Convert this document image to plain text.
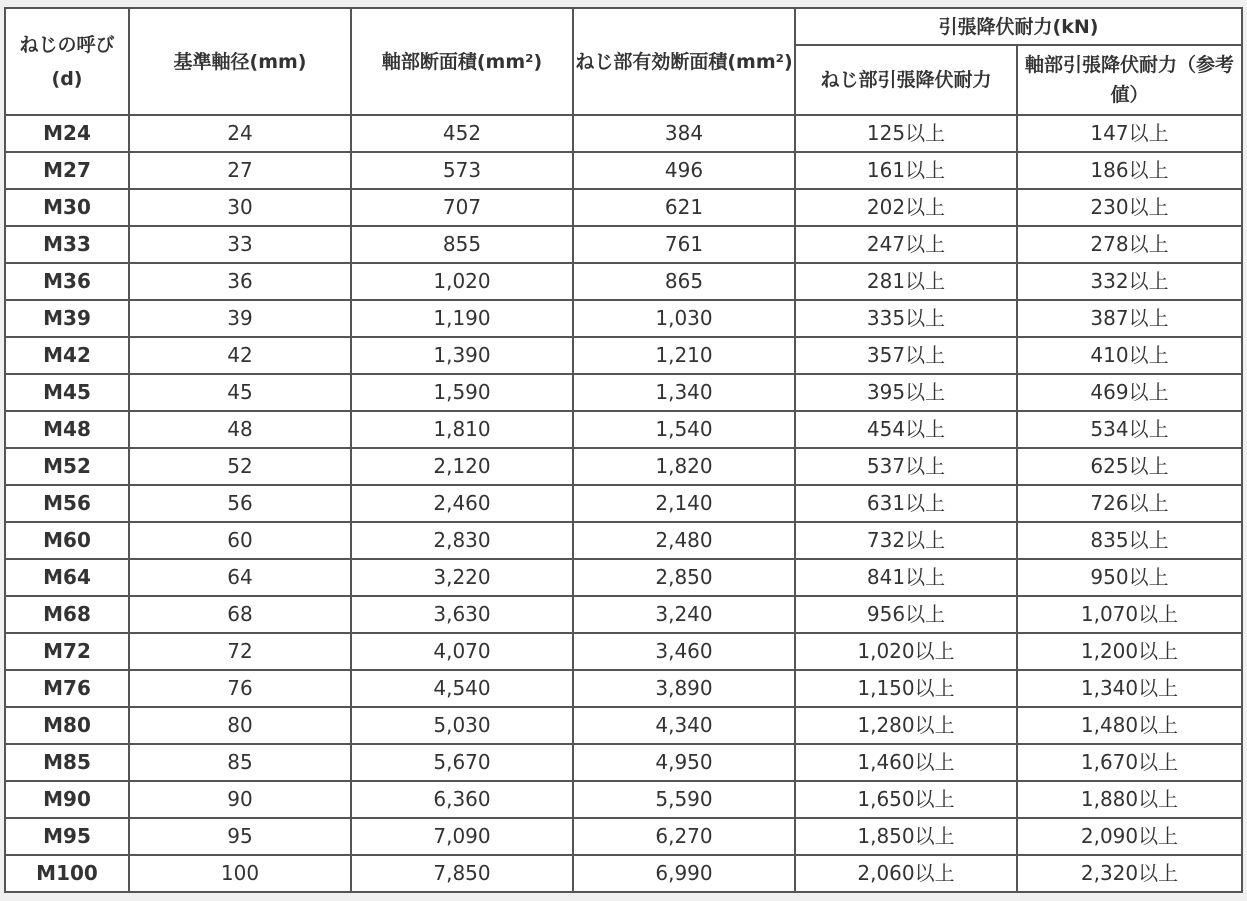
ねじの呼び(d)	基準軸径(mm)	軸部断面積(mm²)	ねじ部有効断面積(mm²)	引張降伏耐力(kN)	
				ねじ部引張降伏耐力	軸部引張降伏耐力（参考値）
M24	24	452	384	125以上	147以上
M27	27	573	496	161以上	186以上
M30	30	707	621	202以上	230以上
M33	33	855	761	247以上	278以上
M36	36	1,020	865	281以上	332以上
M39	39	1,190	1,030	335以上	387以上
M42	42	1,390	1,210	357以上	410以上
M45	45	1,590	1,340	395以上	469以上
M48	48	1,810	1,540	454以上	534以上
M52	52	2,120	1,820	537以上	625以上
M56	56	2,460	2,140	631以上	726以上
M60	60	2,830	2,480	732以上	835以上
M64	64	3,220	2,850	841以上	950以上
M68	68	3,630	3,240	956以上	1,070以上
M72	72	4,070	3,460	1,020以上	1,200以上
M76	76	4,540	3,890	1,150以上	1,340以上
M80	80	5,030	4,340	1,280以上	1,480以上
M85	85	5,670	4,950	1,460以上	1,670以上
M90	90	6,360	5,590	1,650以上	1,880以上
M95	95	7,090	6,270	1,850以上	2,090以上
M100	100	7,850	6,990	2,060以上	2,320以上
